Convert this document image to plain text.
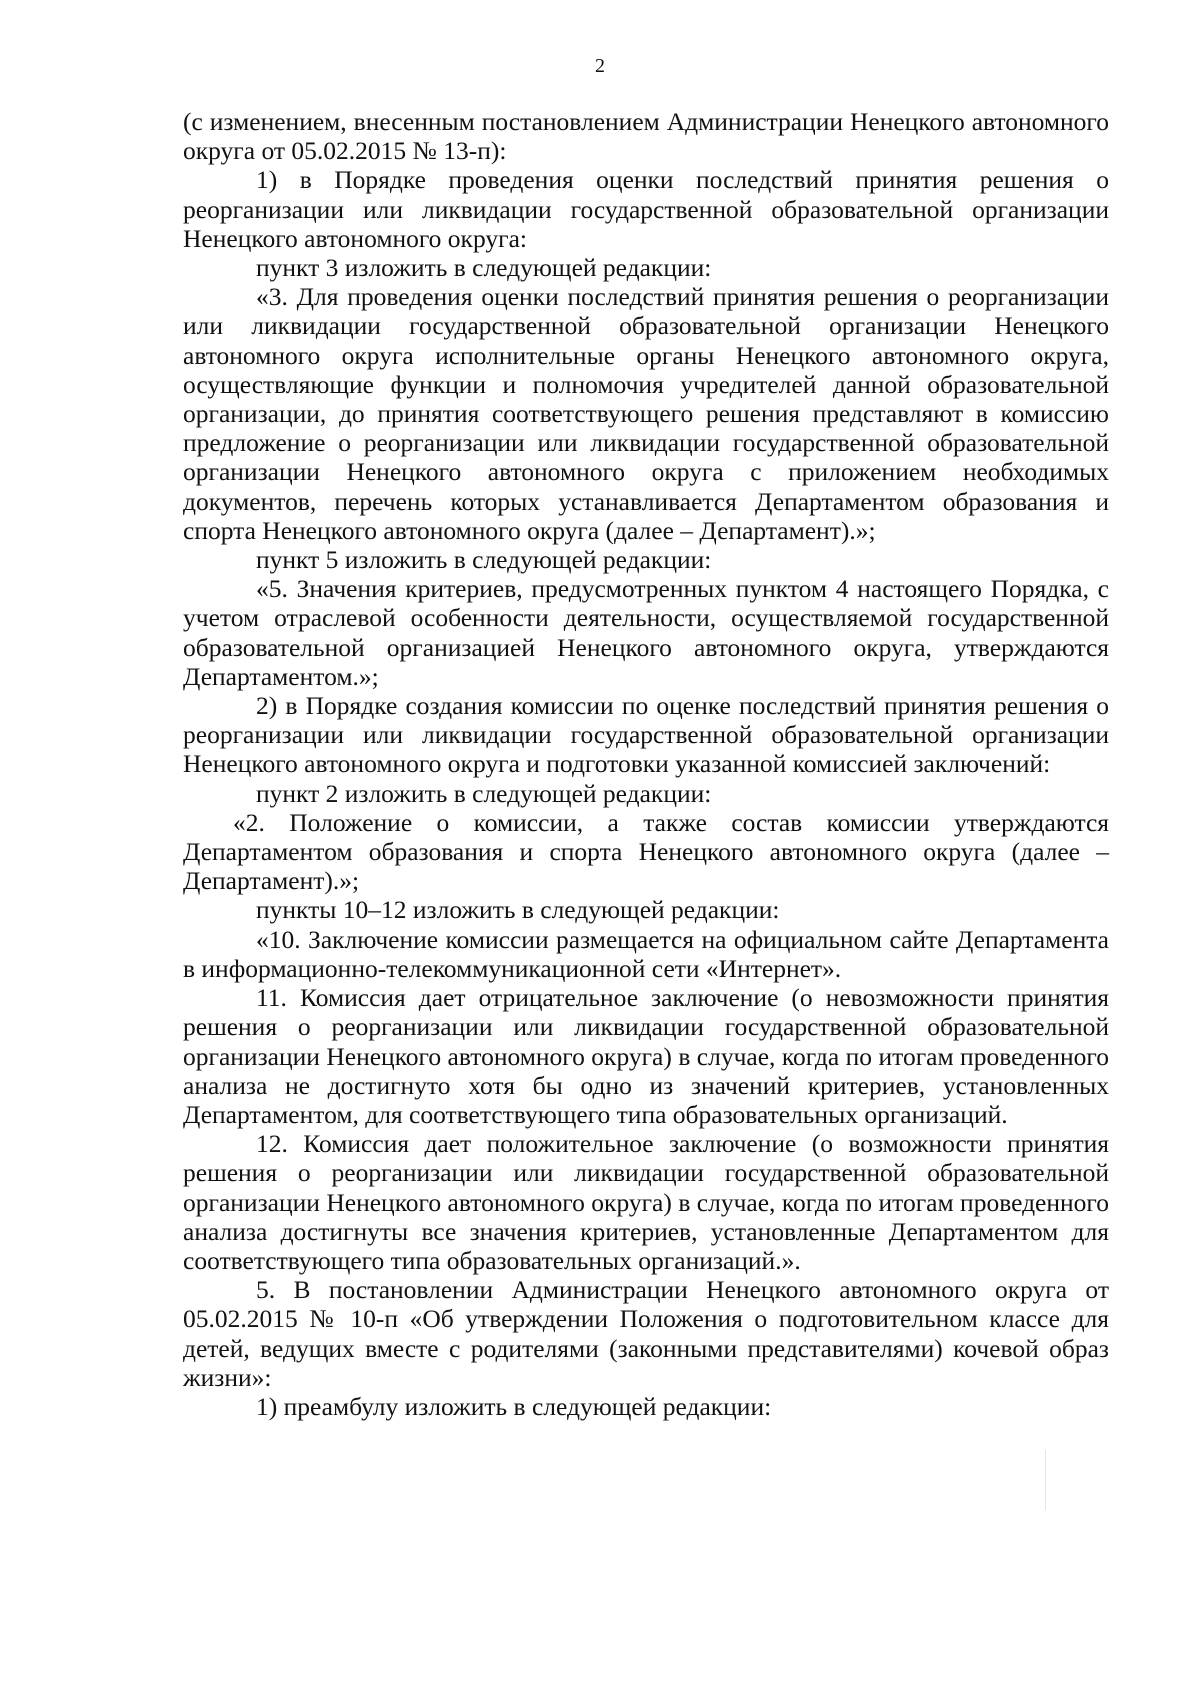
2

(с изменением, внесенным постановлением Администрации Ненецкого автономного округа от 05.02.2015 № 13-п):

1) в Порядке проведения оценки последствий принятия решения о реорганизации или ликвидации государственной образовательной организации Ненецкого автономного округа:

пункт 3 изложить в следующей редакции:

«3. Для проведения оценки последствий принятия решения о реорганизации или ликвидации государственной образовательной организации Ненецкого автономного округа исполнительные органы Ненецкого автономного округа, осуществляющие функции и полномочия учредителей данной образовательной организации, до принятия соответствующего решения представляют в комиссию предложение о реорганизации или ликвидации государственной образовательной организации Ненецкого автономного округа с приложением необходимых документов, перечень которых устанавливается Департаментом образования и спорта Ненецкого автономного округа (далее – Департамент).»;

пункт 5 изложить в следующей редакции:

«5. Значения критериев, предусмотренных пунктом 4 настоящего Порядка, с учетом отраслевой особенности деятельности, осуществляемой государственной образовательной организацией Ненецкого автономного округа, утверждаются Департаментом.»;

2) в Порядке создания комиссии по оценке последствий принятия решения о реорганизации или ликвидации государственной образовательной организации Ненецкого автономного округа и подготовки указанной комиссией заключений:

пункт 2 изложить в следующей редакции:

«2. Положение о комиссии, а также состав комиссии утверждаются Департаментом образования и спорта Ненецкого автономного округа (далее – Департамент).»;

пункты 10–12 изложить в следующей редакции:

«10. Заключение комиссии размещается на официальном сайте Департамента в информационно-телекоммуникационной сети «Интернет».

11. Комиссия дает отрицательное заключение (о невозможности принятия решения о реорганизации или ликвидации государственной образовательной организации Ненецкого автономного округа) в случае, когда по итогам проведенного анализа не достигнуто хотя бы одно из значений критериев, установленных Департаментом, для соответствующего типа образовательных организаций.

12. Комиссия дает положительное заключение (о возможности принятия решения о реорганизации или ликвидации государственной образовательной организации Ненецкого автономного округа) в случае, когда по итогам проведенного анализа достигнуты все значения критериев, установленные Департаментом для соответствующего типа образовательных организаций.».

5. В постановлении Администрации Ненецкого автономного округа от 05.02.2015 № 10-п «Об утверждении Положения о подготовительном классе для детей, ведущих вместе с родителями (законными представителями) кочевой образ жизни»:

1) преамбулу изложить в следующей редакции:
